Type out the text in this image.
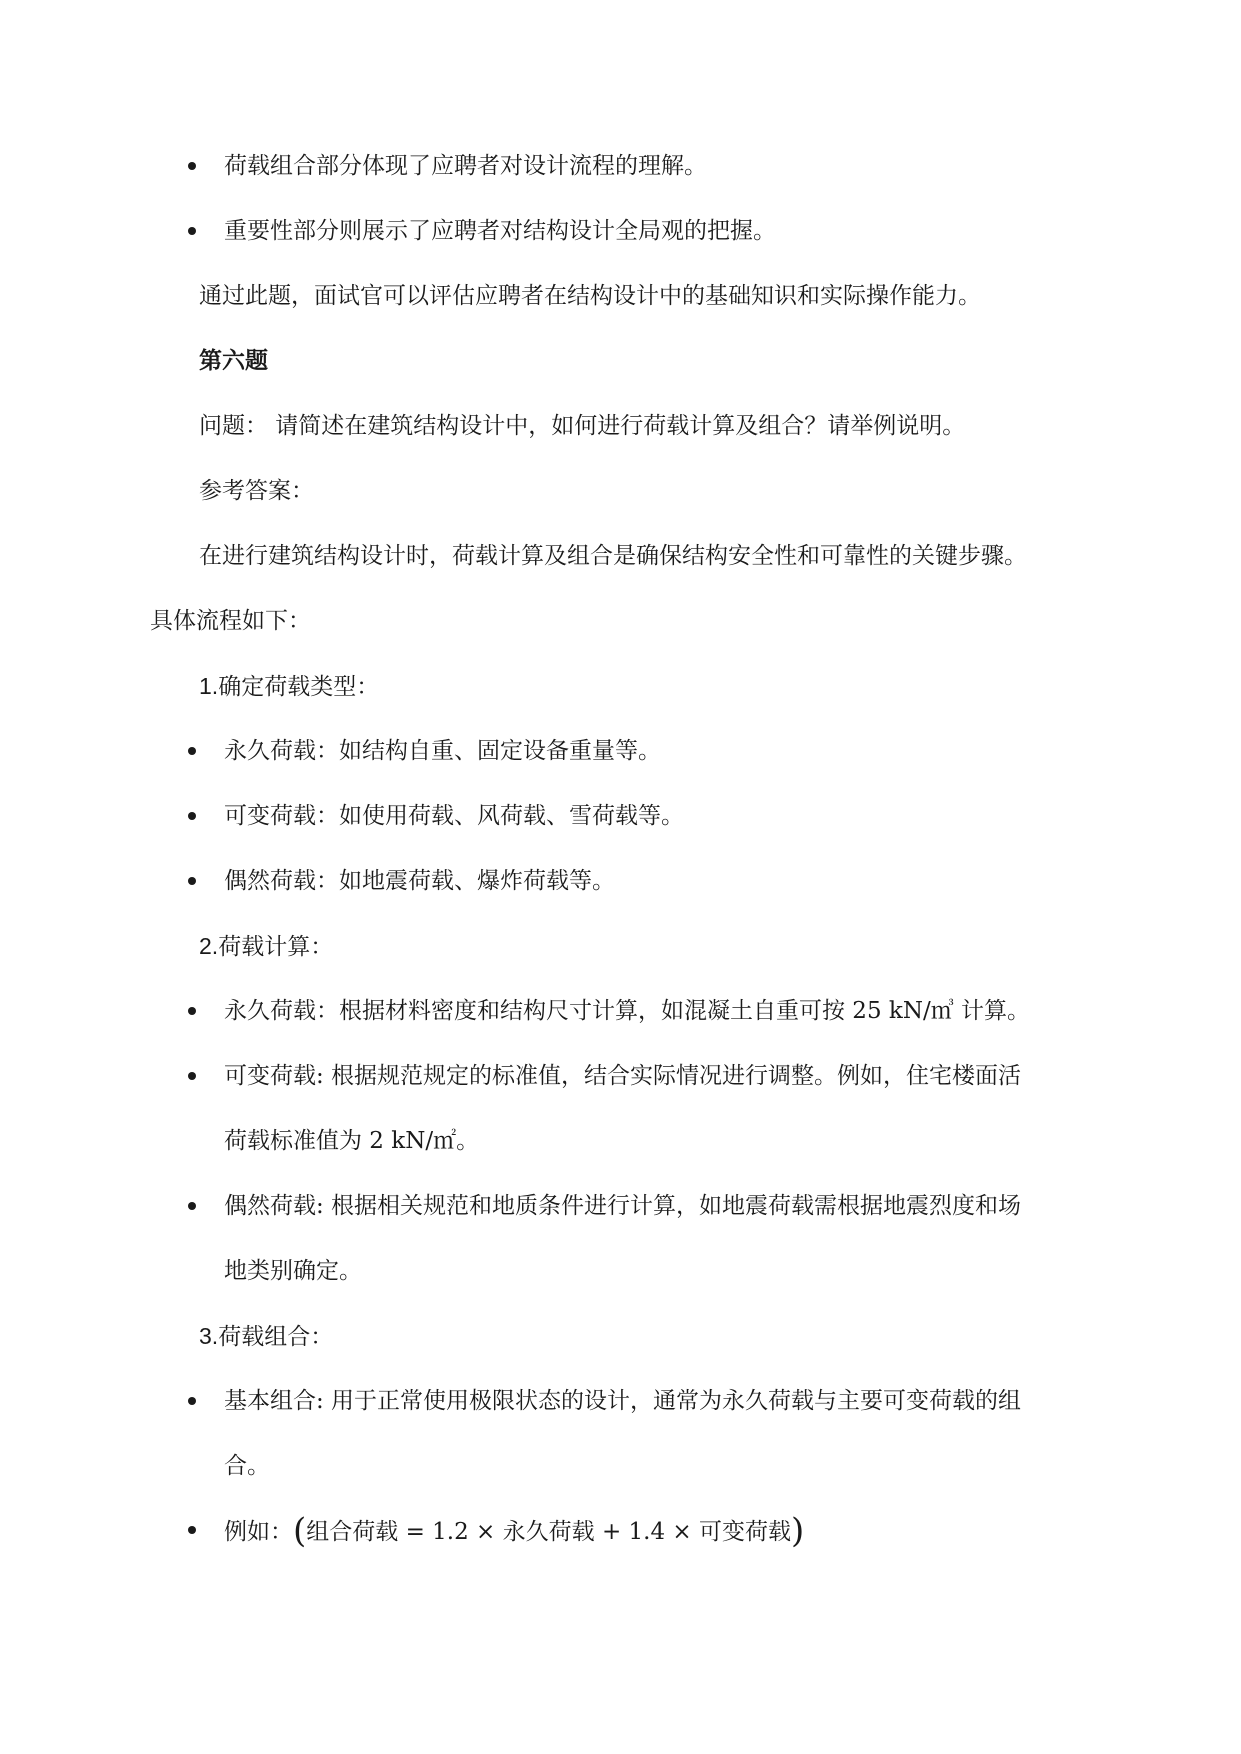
荷载组合部分体现了应聘者对设计流程的理解。
重要性部分则展示了应聘者对结构设计全局观的把握。
通过此题，面试官可以评估应聘者在结构设计中的基础知识和实际操作能力。
第六题
问题： 请简述在建筑结构设计中，如何进行荷载计算及组合？请举例说明。
参考答案：
在进行建筑结构设计时，荷载计算及组合是确保结构安全性和可靠性的关键步骤。
具体流程如下：
1.确定荷载类型：
永久荷载：如结构自重、固定设备重量等。
可变荷载：如使用荷载、风荷载、雪荷载等。
偶然荷载：如地震荷载、爆炸荷载等。
2.荷载计算：
永久荷载：根据材料密度和结构尺寸计算，如混凝土自重可按 25 kN/㎥ 计算。
可变荷载: 根据规范规定的标准值，结合实际情况进行调整。例如，住宅楼面活
荷载标准值为 2 kN/㎡。
偶然荷载: 根据相关规范和地质条件进行计算，如地震荷载需根据地震烈度和场
地类别确定。
3.荷载组合：
基本组合: 用于正常使用极限状态的设计，通常为永久荷载与主要可变荷载的组
合。
例如：(组合荷载 = 1.2 × 永久荷载 + 1.4 × 可变荷载)
